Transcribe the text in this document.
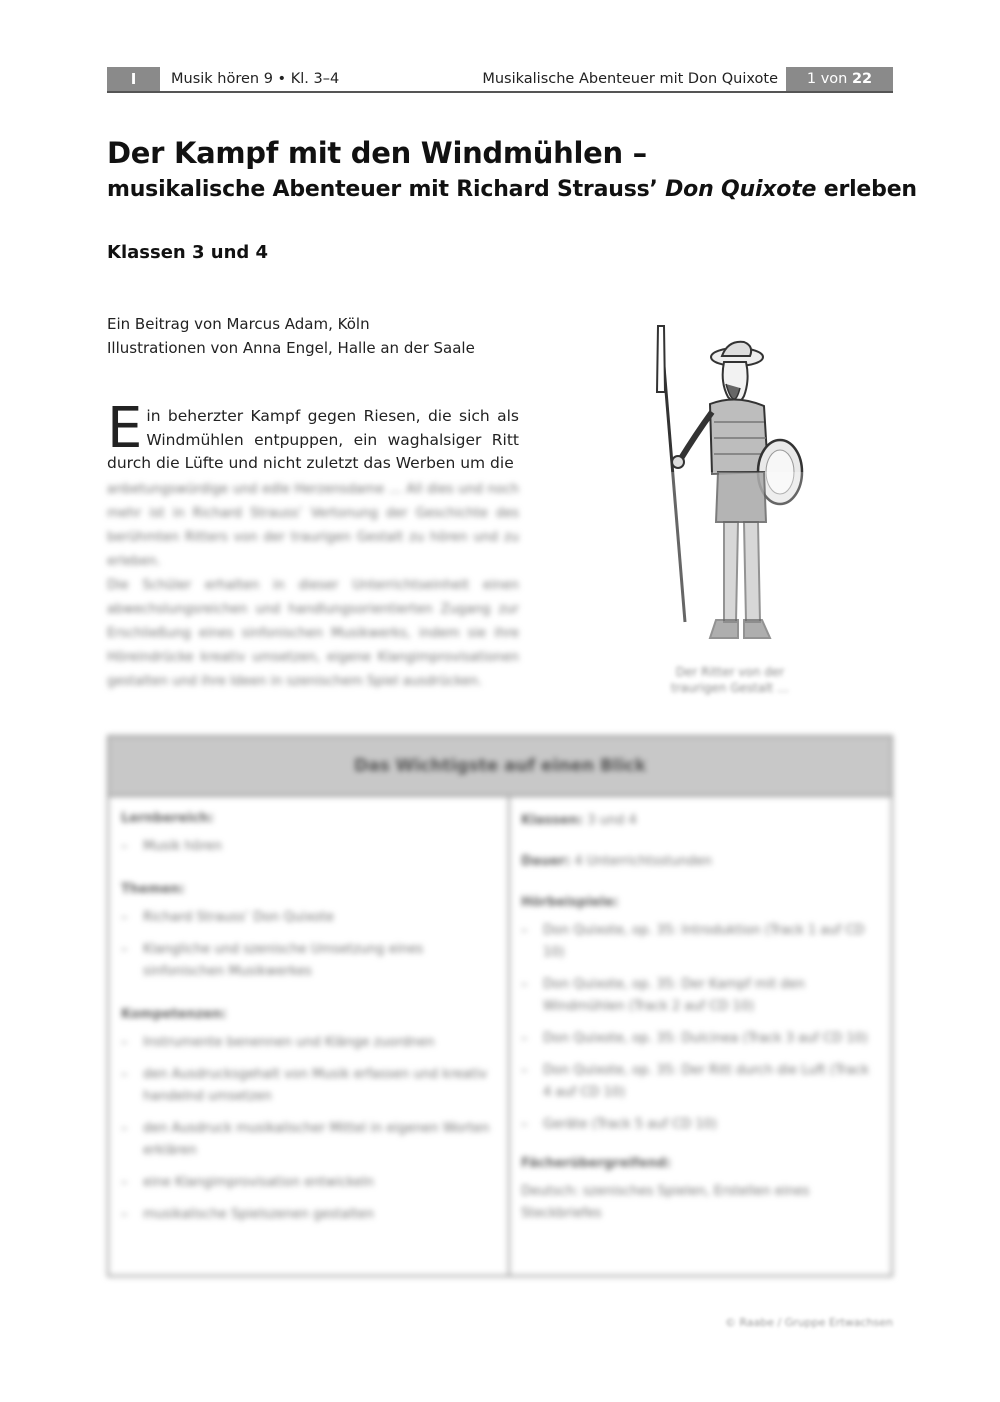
I	Musik hören 9 • Kl. 3–4	Musikalische Abenteuer mit Don Quixote	1 von 22
Der Kampf mit den Windmühlen –
musikalische Abenteuer mit Richard Strauss’ Don Quixote erleben
Klassen 3 und 4
Ein Beitrag von Marcus Adam, Köln
Illustrationen von Anna Engel, Halle an der Saale
Ein beherzter Kampf gegen Riesen, die sich als Windmühlen entpuppen, ein waghalsiger Ritt durch die Lüfte und nicht zuletzt das Werben um die
anbetungswürdige und edle Herzensdame … All dies und noch mehr ist in Richard Strauss’ Vertonung der Geschichte des berühmten Ritters von der traurigen Gestalt zu hören und zu erleben.
Die Schüler erhalten in dieser Unterrichtseinheit einen abwechslungsreichen und handlungsorientierten Zugang zur Erschließung eines sinfonischen Musikwerks, indem sie ihre Höreindrücke kreativ umsetzen, eigene Klangimprovisationen gestalten und ihre Ideen in szenischem Spiel ausdrücken.
Der Ritter von der traurigen Gestalt …
Das Wichtigste auf einen Blick
Lernbereich:
– Musik hören
Themen:
– Richard Strauss’ Don Quixote
– Klangliche und szenische Umsetzung eines sinfonischen Musikwerkes
Kompetenzen:
– Instrumente benennen und Klänge zuordnen
– den Ausdrucksgehalt von Musik erfassen und kreativ handelnd umsetzen
– den Ausdruck musikalischer Mittel in eigenen Worten erklären
– eine Klangimprovisation entwickeln
– musikalische Spielszenen gestalten
Klassen: 3 und 4
Dauer: 4 Unterrichtsstunden
Hörbeispiele:
– Don Quixote, op. 35: Introduktion (Track 1 auf CD 10)
– Don Quixote, op. 35: Der Kampf mit den Windmühlen (Track 2 auf CD 10)
– Don Quixote, op. 35: Dulcinea (Track 3 auf CD 10)
– Don Quixote, op. 35: Der Ritt durch die Luft (Track 4 auf CD 10)
– Geräte (Track 5 auf CD 10)
Fächerübergreifend:
Deutsch: szenisches Spielen, Erstellen eines Steckbriefes
© Raabe / Gruppe Ertwachsen
